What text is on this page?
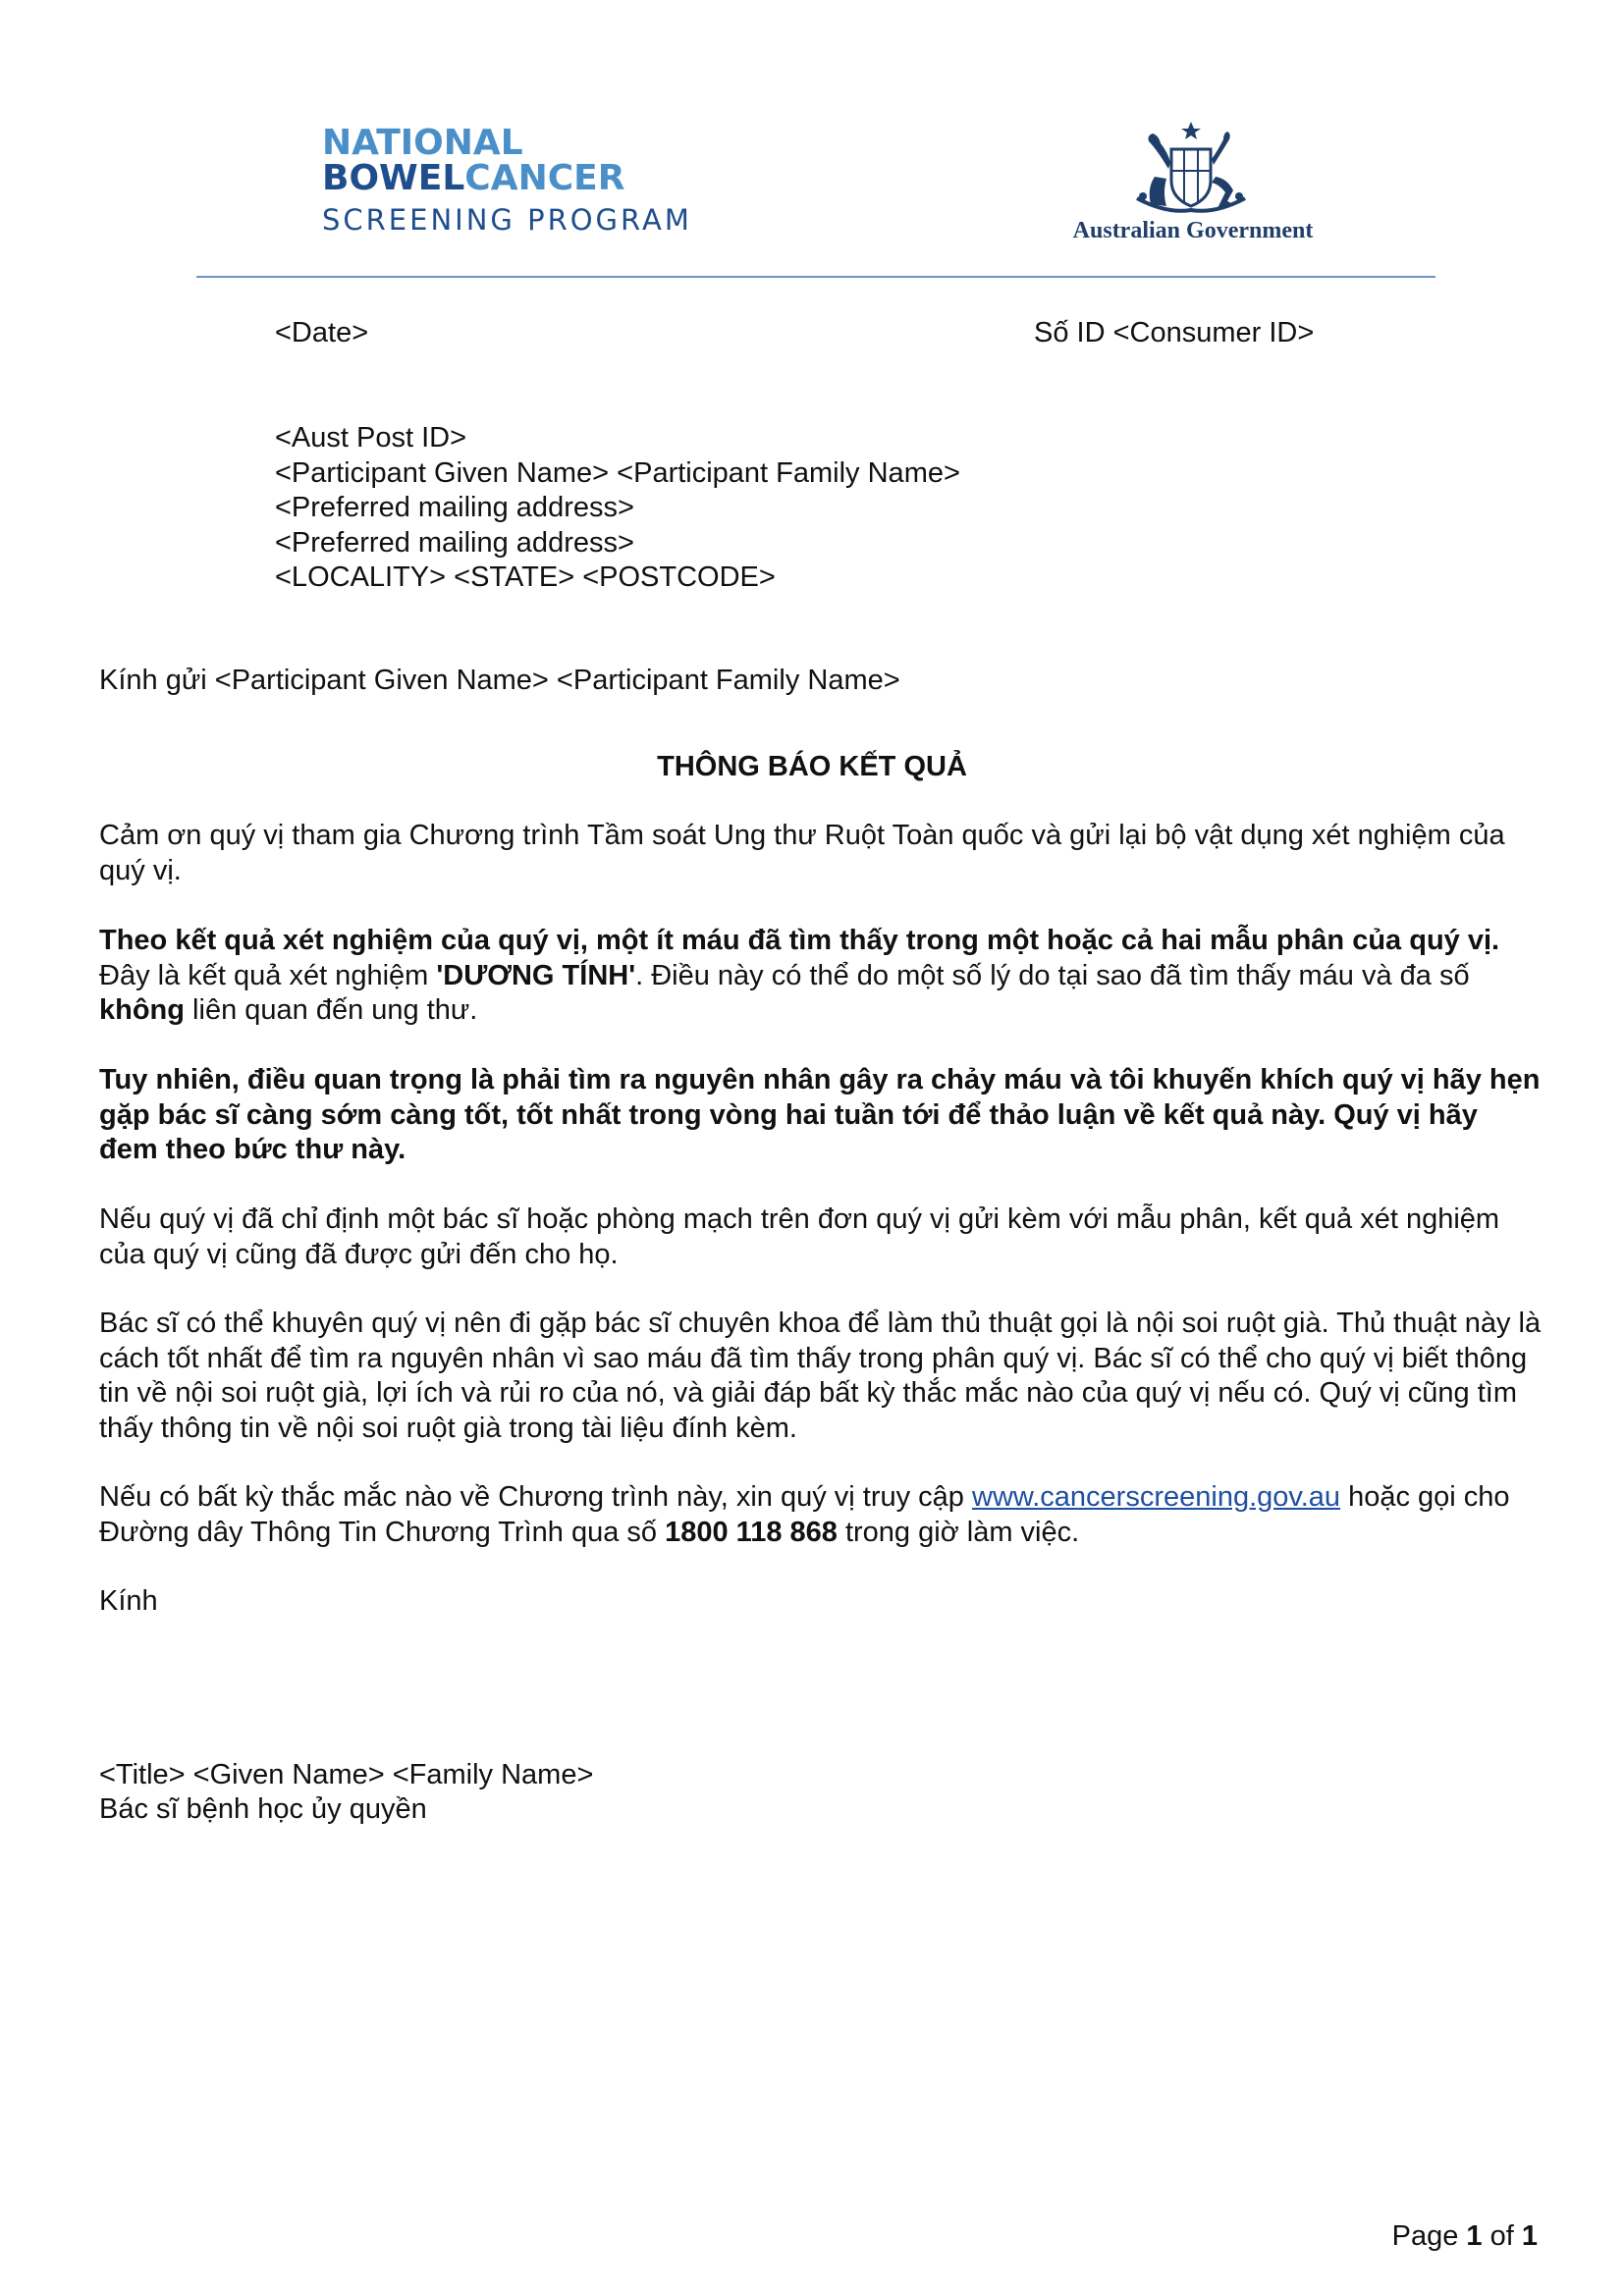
NATIONAL
BOWELCANCER
SCREENING PROGRAM	Australian Government
<Date>	Số ID <Consumer ID>
<Aust Post ID>
<Participant Given Name> <Participant Family Name>
<Preferred mailing address>
<Preferred mailing address>
<LOCALITY> <STATE> <POSTCODE>
Kính gửi <Participant Given Name> <Participant Family Name>
THÔNG BÁO KẾT QUẢ
Cảm ơn quý vị tham gia Chương trình Tầm soát Ung thư Ruột Toàn quốc và gửi lại bộ vật dụng xét nghiệm của quý vị.
Theo kết quả xét nghiệm của quý vị, một ít máu đã tìm thấy trong một hoặc cả hai mẫu phân của quý vị. Đây là kết quả xét nghiệm 'DƯƠNG TÍNH'. Điều này có thể do một số lý do tại sao đã tìm thấy máu và đa số không liên quan đến ung thư.
Tuy nhiên, điều quan trọng là phải tìm ra nguyên nhân gây ra chảy máu và tôi khuyến khích quý vị hãy hẹn gặp bác sĩ càng sớm càng tốt, tốt nhất trong vòng hai tuần tới để thảo luận về kết quả này. Quý vị hãy đem theo bức thư này.
Nếu quý vị đã chỉ định một bác sĩ hoặc phòng mạch trên đơn quý vị gửi kèm với mẫu phân, kết quả xét nghiệm của quý vị cũng đã được gửi đến cho họ.
Bác sĩ có thể khuyên quý vị nên đi gặp bác sĩ chuyên khoa để làm thủ thuật gọi là nội soi ruột già. Thủ thuật này là cách tốt nhất để tìm ra nguyên nhân vì sao máu đã tìm thấy trong phân quý vị. Bác sĩ có thể cho quý vị biết thông tin về nội soi ruột già, lợi ích và rủi ro của nó, và giải đáp bất kỳ thắc mắc nào của quý vị nếu có. Quý vị cũng tìm thấy thông tin về nội soi ruột già trong tài liệu đính kèm.
Nếu có bất kỳ thắc mắc nào về Chương trình này, xin quý vị truy cập www.cancerscreening.gov.au hoặc gọi cho Đường dây Thông Tin Chương Trình qua số 1800 118 868 trong giờ làm việc.
Kính
<Title> <Given Name> <Family Name>
Bác sĩ bệnh học ủy quyền
Page 1 of 1
